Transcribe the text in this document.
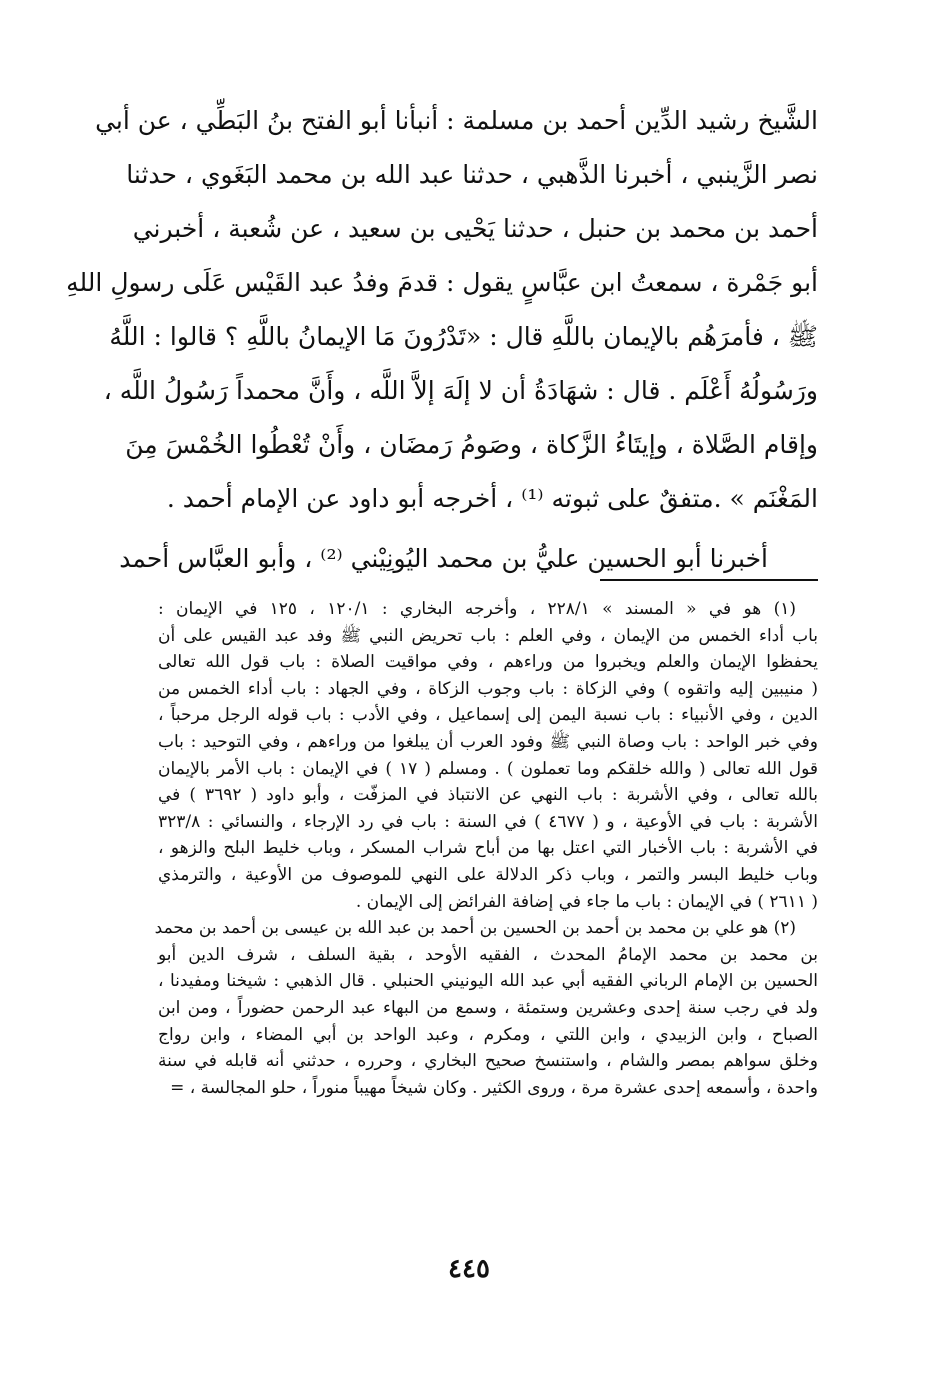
الشَّيخ رشيد الدِّين أحمد بن مسلمة : أنبأنا أبو الفتح بنُ البَطِّي ، عن أبي
نصر الزَّينبي ، أخبرنا الذَّهبي ، حدثنا عبد الله بن محمد البَغَوي ، حدثنا
أحمد بن محمد بن حنبل ، حدثنا يَحْيى بن سعيد ، عن شُعبة ، أخبرني
أبو جَمْرة ، سمعتُ ابن عبَّاسٍ يقول : قدمَ وفدُ عبد القَيْس عَلَى رسولِ اللهِ
ﷺ ، فأمرَهُم بالإيمان باللَّهِ قال : «تَدْرُونَ مَا الإيمانُ باللَّهِ ؟ قالوا : اللَّهُ
ورَسُولُهُ أَعْلَم . قال : شهَادَةُ أن لا إلَهَ إلاَّ اللَّه ، وأَنَّ محمداً رَسُولُ اللَّه ،
وإقام الصَّلاة ، وإيتَاءُ الزَّكاة ، وصَومُ رَمضَان ، وأَنْ تُعْطُوا الخُمْسَ مِنَ
المَغْنَم » .متفقٌ على ثبوته ⁽¹⁾ ، أخرجه أبو داود عن الإمام أحمد .
أخبرنا أبو الحسين عليُّ بن محمد اليُونِيْني ⁽²⁾ ، وأبو العبَّاس أحمد
(١) هو في « المسند » ٢٢٨/١ ، وأخرجه البخاري : ١٢٠/١ ، ١٢٥ في الإيمان :
باب أداء الخمس من الإيمان ، وفي العلم : باب تحريض النبي ﷺ وفد عبد القيس على أن
يحفظوا الإيمان والعلم ويخبروا من وراءهم ، وفي مواقيت الصلاة : باب قول الله تعالى
( منيبين إليه واتقوه ) وفي الزكاة : باب وجوب الزكاة ، وفي الجهاد : باب أداء الخمس من
الدين ، وفي الأنبياء : باب نسبة اليمن إلى إسماعيل ، وفي الأدب : باب قوله الرجل مرحباً ،
وفي خبر الواحد : باب وصاة النبي ﷺ وفود العرب أن يبلغوا من وراءهم ، وفي التوحيد : باب
قول الله تعالى ( والله خلقكم وما تعملون ) . ومسلم ( ١٧ ) في الإيمان : باب الأمر بالإيمان
بالله تعالى ، وفي الأشربة : باب النهي عن الانتباذ في المزفّت ، وأبو داود ( ٣٦٩٢ ) في
الأشربة : باب في الأوعية ، و ( ٤٦٧٧ ) في السنة : باب في رد الإرجاء ، والنسائي : ٣٢٣/٨
في الأشربة : باب الأخبار التي اعتل بها من أباح شراب المسكر ، وباب خليط البلح والزهو ،
وباب خليط البسر والتمر ، وباب ذكر الدلالة على النهي للموصوف من الأوعية ، والترمذي
( ٢٦١١ ) في الإيمان : باب ما جاء في إضافة الفرائض إلى الإيمان .
(٢) هو علي بن محمد بن أحمد بن الحسين بن أحمد بن عبد الله بن عيسى بن أحمد بن محمد
بن محمد بن محمد الإمامُ المحدث ، الفقيه الأوحد ، بقية السلف ، شرف الدين أبو
الحسين بن الإمام الرباني الفقيه أبي عبد الله اليونيني الحنبلي . قال الذهبي : شيخنا ومفيدنا ،
ولد في رجب سنة إحدى وعشرين وستمئة ، وسمع من البهاء عبد الرحمن حضوراً ، ومن ابن
الصباح ، وابن الزبيدي ، وابن اللتي ، ومكرم ، وعبد الواحد بن أبي المضاء ، وابن رواج
وخلق سواهم بمصر والشام ، واستنسخ صحيح البخاري ، وحرره ، حدثني أنه قابله في سنة
واحدة ، وأسمعه إحدى عشرة مرة ، وروى الكثير . وكان شيخاً مهيباً منوراً ، حلو المجالسة ، =
٤٤٥
